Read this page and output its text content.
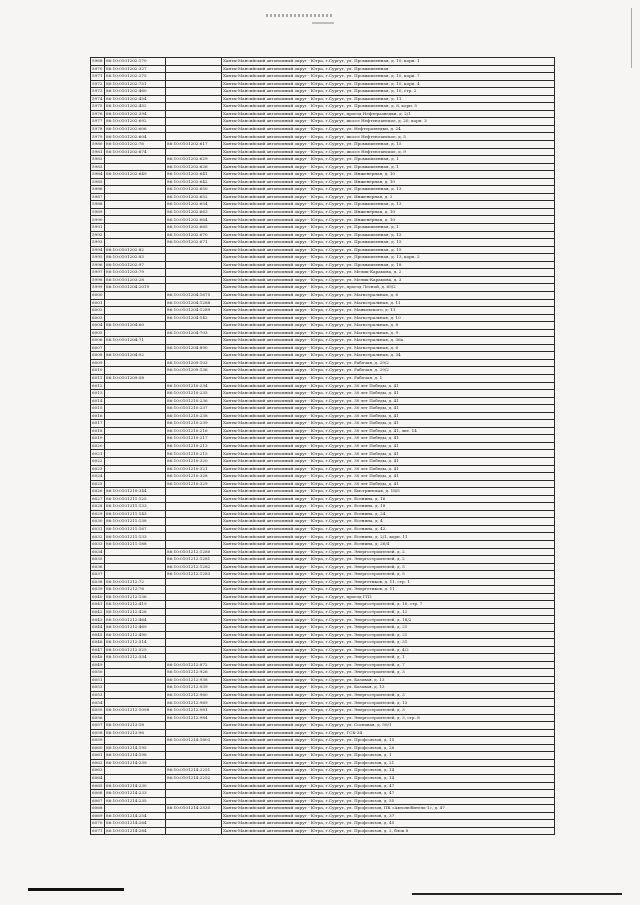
5968	86:10:0101202:170		Ханты-Мансийский автономный округ - Югра, г.Сургут, ул. Промышленная, д. 10, корп. 1
5970	86:10:0101202:327		Ханты-Мансийский автономный округ - Югра, г.Сургут, ул. Промышленная
5971	86:10:0101202:275		Ханты-Мансийский автономный округ - Югра, г.Сургут, ул. Промышленная, д. 10, корп. 7
5972	86:10:0101202:751		Ханты-Мансийский автономный округ - Югра, г.Сургут, ул. Промышленная, д. 10, корп. 4
5973	86:10:0101202:460		Ханты-Мансийский автономный округ - Югра, г.Сургут, ул. Промышленная, д. 10, стр. 2
5974	86:10:0101202:454		Ханты-Мансийский автономный округ - Югра, г.Сургут, ул. Промышленная, д. 11
5975	86:10:0101202:452		Ханты-Мансийский автономный округ - Югра, г.Сургут, ул. Промышленная, д. 8, корп. 5
5976	86:10:0101202:394		Ханты-Мансийский автономный округ - Югра, г.Сургут, проезд Нефтеразведки, д. 2/1
5977	86:10:0101202:692		Ханты-Мансийский автономный округ - Югра, г.Сургут, шоссе Нефтеюганское, д. 20, корп. 3
5978	86:10:0101202:606		Ханты-Мансийский автономный округ - Югра, г.Сургут, ул. Нефтеразведки, д. 24
5979	86:10:0101202:604		Ханты-Мансийский автономный округ - Югра, г.Сургут, шоссе Нефтеюганское, д. 5
5980	86:10:0101202:76	86:10:0101202:617	Ханты-Мансийский автономный округ - Югра, г.Сургут, ул. Промышленная, д. 15
5981	86:10:0101202:674		Ханты-Мансийский автономный округ - Югра, г.Сургут, шоссе Нефтеюганское, д. 9
5982		86:10:0101202:629	Ханты-Мансийский автономный округ - Югра, г.Сургут, ул. Промышленная, д. 1
5983		86:10:0101202:626	Ханты-Мансийский автономный округ - Югра, г.Сургут, ул. Промышленная, д. 1
5984	86:10:0101202:649	86:10:0101202:641	Ханты-Мансийский автономный округ - Югра, г.Сургут, ул. Инженерная, д. 10
5985		86:10:0101202:642	Ханты-Мансийский автономный округ - Югра, г.Сургут, ул. Инженерная, д. 10
5986		86:10:0101202:650	Ханты-Мансийский автономный округ - Югра, г.Сургут, ул. Промышленная, д. 13
5987		86:10:0101202:652	Ханты-Мансийский автономный округ - Югра, г.Сургут, ул. Инженерная, д. 2
5988		86:10:0101202:654	Ханты-Мансийский автономный округ - Югра, г.Сургут, ул. Промышленная, д. 13
5989		86:10:0101202:663	Ханты-Мансийский автономный округ - Югра, г.Сургут, ул. Инженерная, д. 10
5990		86:10:0101202:664	Ханты-Мансийский автономный округ - Югра, г.Сургут, ул. Инженерная, д. 10
5991		86:10:0101202:665	Ханты-Мансийский автономный округ - Югра, г.Сургут, ул. Промышленная, д. 1
5992		86:10:0101202:670	Ханты-Мансийский автономный округ - Югра, г.Сургут, ул. Промышленная, д. 13
5993		86:10:0101202:671	Ханты-Мансийский автономный округ - Югра, г.Сургут, ул. Промышленная, д. 15
5994	86:10:0101202:82		Ханты-Мансийский автономный округ - Югра, г.Сургут, ул. Промышленная, д. 15
5995	86:10:0101202:83		Ханты-Мансийский автономный округ - Югра, г.Сургут, ул. Промышленная, д. 13, корп. 2
5996	86:10:0101202:97		Ханты-Мансийский автономный округ - Югра, г.Сургут, ул. Промышленная, д. 18
5997	86:10:0101203:79		Ханты-Мансийский автономный округ - Югра, г.Сургут, ул. Мелик-Карамова, д. 2
5998	86:10:0101203:28		Ханты-Мансийский автономный округ - Югра, г.Сургут, ул. Мелик-Карамова, д. 3
5999	86:10:0101204:2019		Ханты-Мансийский автономный округ - Югра, г.Сургут, проезд Лесной, д. 69/2
6000		86:10:0101204:1675	Ханты-Мансийский автономный округ - Югра, г.Сургут, ул. Магистральная, д. 6
6001		86:10:0101204:1288	Ханты-Мансийский автономный округ - Югра, г.Сургут, ул. Магистральная, д. 11
6002		86:10:0101204:1289	Ханты-Мансийский автономный округ - Югра, г.Сургут, ул. Маяковского, д. 11
6003		86:10:0101204:142	Ханты-Мансийский автономный округ - Югра, г.Сургут, ул. Магистральная, д. 10
6004	86:10:0101204:60		Ханты-Мансийский автономный округ - Югра, г.Сургут, ул. Магистральная, д. 8
6005		86:10:0101204:703	Ханты-Мансийский автономный округ - Югра, г.Сургут, ул. Магистральная, д. 9
6006	86:10:0101204:71		Ханты-Мансийский автономный округ - Югра, г.Сургут, ул. Магистральная, д. 36а
6007		86:10:0101204:890	Ханты-Мансийский автономный округ - Югра, г.Сургут, ул. Магистральная, д. 6
6008	86:10:0101204:92		Ханты-Мансийский автономный округ - Югра, г.Сургут, ул. Магистральная, д. 34
6009		86:10:0101209:103	Ханты-Мансийский автономный округ - Югра, г.Сургут, ул. Рабочая, д. 29/2
6010		86:10:0101209:136	Ханты-Мансийский автономный округ - Югра, г.Сургут, ул. Рабочая, д. 29/2
6011	86:10:0101209:58		Ханты-Мансийский автономный округ - Югра, г.Сургут, ул. Рабочая, д. 1
6012		86:10:0101210:234	Ханты-Мансийский автономный округ - Югра, г.Сургут, ул. 30 лет Победы, д. 41
6013		86:10:0101210:235	Ханты-Мансийский автономный округ - Югра, г.Сургут, ул. 30 лет Победы, д. 41
6014		86:10:0101210:236	Ханты-Мансийский автономный округ - Югра, г.Сургут, ул. 30 лет Победы, д. 41
6015		86:10:0101210:237	Ханты-Мансийский автономный округ - Югра, г.Сургут, ул. 30 лет Победы, д. 41
6016		86:10:0101210:238	Ханты-Мансийский автономный округ - Югра, г.Сургут, ул. 30 лет Победы, д. 41
6017		86:10:0101210:239	Ханты-Мансийский автономный округ - Югра, г.Сургут, ул. 30 лет Победы, д. 41
6018		86:10:0101210:216	Ханты-Мансийский автономный округ - Югра, г.Сургут, ул. 30 лет Победы, д. 41, лит. 14
6019		86:10:0101210:217	Ханты-Мансийский автономный округ - Югра, г.Сургут, ул. 30 лет Победы, д. 41
6020		86:10:0101210:213	Ханты-Мансийский автономный округ - Югра, г.Сургут, ул. 30 лет Победы, д. 41
6021		86:10:0101210:215	Ханты-Мансийский автономный округ - Югра, г.Сургут, ул. 30 лет Победы, д. 41
6022		86:10:0101210:320	Ханты-Мансийский автономный округ - Югра, г.Сургут, ул. 30 лет Победы, д. 41
6023		86:10:0101210:321	Ханты-Мансийский автономный округ - Югра, г.Сургут, ул. 30 лет Победы, д. 41
6024		86:10:0101210:328	Ханты-Мансийский автономный округ - Югра, г.Сургут, ул. 30 лет Победы, д. 41
6025		86:10:0101210:329	Ханты-Мансийский автономный округ - Югра, г.Сургут, ул. 30 лет Победы, д. 41
6026	86:10:0101210:344		Ханты-Мансийский автономный округ - Югра, г.Сургут, ул. Быстринская, д. 18/5
6027	86:10:0101211:125		Ханты-Мансийский автономный округ - Югра, г.Сургут, ул. Есенина, д. 16
6028	86:10:0101211:133		Ханты-Мансийский автономный округ - Югра, г.Сургут, ул. Есенина, д. 18
6029	86:10:0101211:143		Ханты-Мансийский автономный округ - Югра, г.Сургут, ул. Есенина, д. 24
6030	86:10:0101211:138		Ханты-Мансийский автономный округ - Югра, г.Сургут, ул. Есенина, д. 4
6031	86:10:0101211:167		Ханты-Мансийский автономный округ - Югра, г.Сургут, ул. Есенина, д. 42
6032	86:10:0101211:133		Ханты-Мансийский автономный округ - Югра, г.Сургут, ул. Есенина, д. 2/1, корп. 11
6033	86:10:0101211:188		Ханты-Мансийский автономный округ - Югра, г.Сургут, ул. Есенина, д. 26/4
6034		86:10:0101212:1280	Ханты-Мансийский автономный округ - Югра, г.Сургут, ул. Энергостроителей, д. 2
6035		86:10:0101212:1281	Ханты-Мансийский автономный округ - Югра, г.Сургут, ул. Энергостроителей, д. 2
6036		86:10:0101212:1282	Ханты-Мансийский автономный округ - Югра, г.Сургут, ул. Энергостроителей, д. 5
6037		86:10:0101212:1283	Ханты-Мансийский автономный округ - Югра, г.Сургут, ул. Энергостроителей, д. 5
6038	86:10:0101212:72		Ханты-Мансийский автономный округ - Югра, г.Сургут, ул. Энергетиков, д. 11, стр. 1
6039	86:10:0101212:76		Ханты-Мансийский автономный округ - Югра, г.Сургут, ул. Энергетиков, д. 11
6040	86:10:0101212:136		Ханты-Мансийский автономный округ - Югра, г.Сургут, проезд ГПЗ
6041	86:10:0101212:419		Ханты-Мансийский автономный округ - Югра, г.Сургут, ул. Энергостроителей, д. 10, стр. 7
6042	86:10:0101212:428		Ханты-Мансийский автономный округ - Югра, г.Сургут, ул. Энергостроителей, д. 12
6043	86:10:0101212:464		Ханты-Мансийский автономный округ - Югра, г.Сургут, ул. Энергостроителей, д. 18/2
6044	86:10:0101212:469		Ханты-Мансийский автономный округ - Югра, г.Сургут, ул. Энергостроителей, д. 21
6045	86:10:0101212:490		Ханты-Мансийский автономный округ - Югра, г.Сургут, ул. Энергостроителей, д. 21
6046	86:10:0101212:514		Ханты-Мансийский автономный округ - Югра, г.Сургут, ул. Энергостроителей, д. 31
6047	86:10:0101212:525		Ханты-Мансийский автономный округ - Югра, г.Сургут, ул. Энергостроителей, д. 4/2
6048	86:10:0101212:534		Ханты-Мансийский автономный округ - Югра, г.Сургут, ул. Энергостроителей, д. 1
6049		86:10:0101212:872	Ханты-Мансийский автономный округ - Югра, г.Сургут, ул. Энергостроителей, д. 7
6050		86:10:0101212:926	Ханты-Мансийский автономный округ - Югра, г.Сургут, ул. Энергостроителей, д. 3
6051		86:10:0101212:938	Ханты-Мансийский автономный округ - Югра, г.Сургут, ул. Базовая, д. 13
6052		86:10:0101212:939	Ханты-Мансийский автономный округ - Югра, г.Сургут, ул. Базовая, д. 13
6053		86:10:0101212:960	Ханты-Мансийский автономный округ - Югра, г.Сургут, ул. Энергостроителей, д. 3
6054		86:10:0101212:969	Ханты-Мансийский автономный округ - Югра, г.Сургут, ул. Энергостроителей, д. 13
6055	86:10:0101212:1098	86:10:0101212:981	Ханты-Мансийский автономный округ - Югра, г.Сургут, ул. Энергостроителей, д. 3
6056		86:10:0101212:984	Ханты-Мансийский автономный округ - Югра, г.Сургут, ул. Энергостроителей, д. 3, стр. 8
6057	86:10:0101213:18		Ханты-Мансийский автономный округ - Югра, г.Сургут, ул. Сосновая, д. 50/1
6058	86:10:0101213:96		Ханты-Мансийский автономный округ - Югра, г.Сургут, ГСК-34
6059		86:10:0101214:1803	Ханты-Мансийский автономный округ - Югра, г.Сургут, ул. Профсоюзов, д. 15
6060	86:10:0101214:195		Ханты-Мансийский автономный округ - Югра, г.Сургут, ул. Профсоюзов, д. 26
6061	86:10:0101214:198		Ханты-Мансийский автономный округ - Югра, г.Сургут, ул. Профсоюзов, д. 1
6062	86:10:0101214:239		Ханты-Мансийский автономный округ - Югра, г.Сургут, ул. Профсоюзов, д. 21
6063		86:10:0101214:2251	Ханты-Мансийский автономный округ - Югра, г.Сургут, ул. Профсоюзов, д. 14
6064		86:10:0101214:2252	Ханты-Мансийский автономный округ - Югра, г.Сургут, ул. Профсоюзов, д. 14
6065	86:10:0101214:230		Ханты-Мансийский автономный округ - Югра, г.Сургут, ул. Профсоюзов, д. 47
6066	86:10:0101214:233		Ханты-Мансийский автономный округ - Югра, г.Сургут, ул. Профсоюзов, д. 47
6067	86:10:0101214:235		Ханты-Мансийский автономный округ - Югра, г.Сургут, ул. Профсоюзов, д. 55
6068		86:10:0101214:2535	Ханты-Мансийский автономный округ - Югра, г.Сургут, ул. Профсоюзов, ПК «Автолюбитель-1», д. 47
6069	86:10:0101214:254		Ханты-Мансийский автономный округ - Югра, г.Сургут, ул. Профсоюзов, д. 37
6070	86:10:0101214:264		Ханты-Мансийский автономный округ - Югра, г.Сургут, ул. Профсоюзов, д. 45
6071	86:10:0101214:284		Ханты-Мансийский автономный округ - Югра, г.Сургут, ул. Профсоюзов, д. 2, блок 8
